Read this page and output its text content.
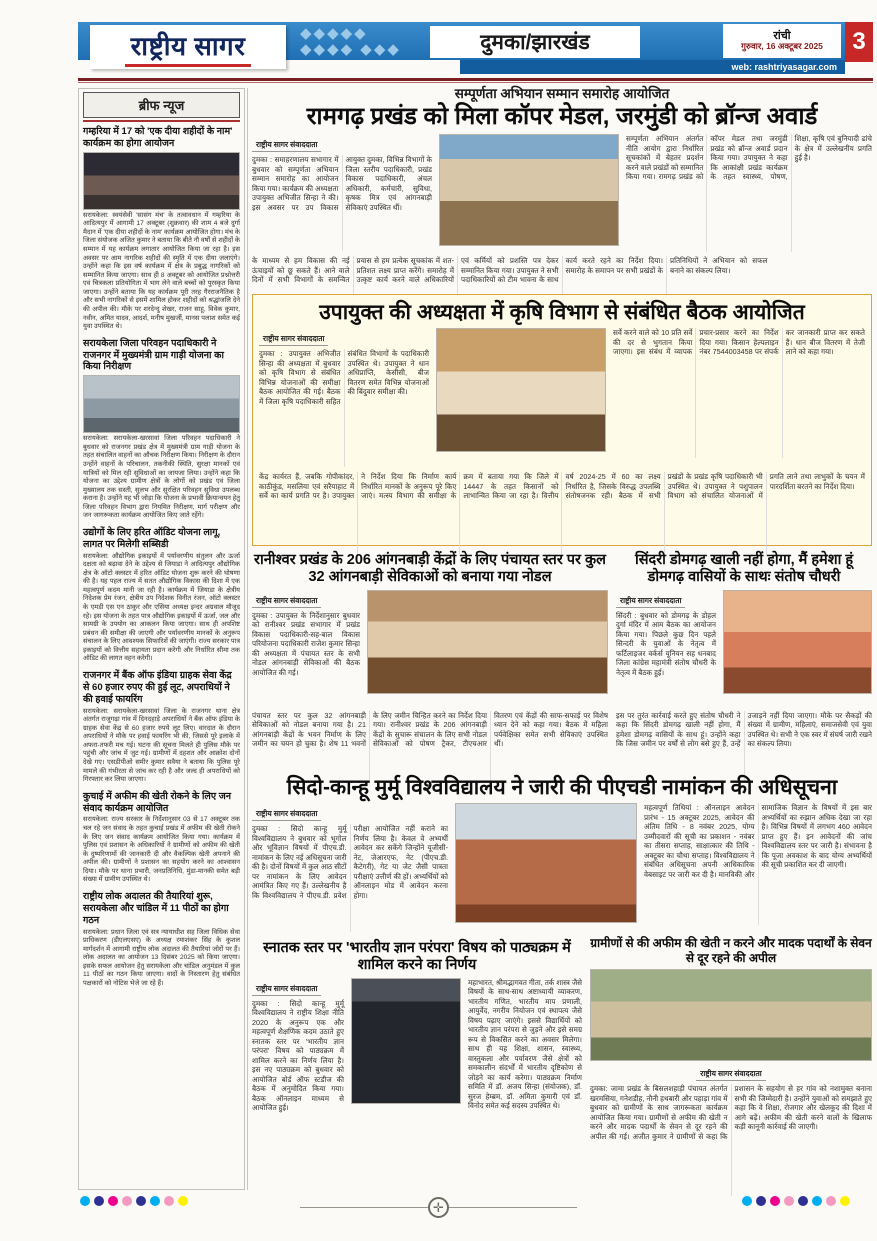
राष्ट्रीय सागर	◆◆◆◆◆ ◆◆◆◆ ◆◆◆	दुमका/झारखंड	रांची
गुरुवार, 16 अक्टूबर 2025 3
web: rashtriyasagar.com
ब्रीफ न्यूज
गम्हरिया में 17 को 'एक दीया शहीदों के नाम' कार्यक्रम का होगा आयोजन
सरायकेला: स्वयंसेवी 'सासंग मंच' के तत्वावधान में गम्हरिया के आदित्यपुर में आगामी 17 अक्टूबर (शुक्रवार) की शाम 4 बजे दुर्गा मैदान में 'एक दीया शहीदों के नाम' कार्यक्रम आयोजित होगा। मंच के जिला संयोजक अजित कुमार ने बताया कि बीते नौ वर्षों से शहीदों के सम्मान में यह कार्यक्रम लगातार आयोजित किया जा रहा है। इस अवसर पर आम नागरिक शहीदों की स्मृति में एक दीया जलाएंगे। उन्होंने कहा कि इस वर्ष कार्यक्रम में क्षेत्र के प्रबुद्ध नागरिकों को सम्मानित किया जाएगा। साथ ही 8 अक्टूबर को आयोजित प्रश्नोत्तरी एवं चित्रकला प्रतियोगिता में भाग लेने वाले बच्चों को पुरस्कृत किया जाएगा। उन्होंने बताया कि यह कार्यक्रम पूरी तरह गैरराजनैतिक है और सभी नागरिकों से इसमें शामिल होकर शहीदों को श्रद्धांजलि देने की अपील की। मौके पर शरदेन्दु शेखर, राजन साहू, विवेक कुमार, नवीन, अमित यादव, आदर्श, मनीष मुखर्जी, मानस पलाश समेत कई युवा उपस्थित थे।
सरायकेला जिला परिवहन पदाधिकारी ने राजनगर में मुख्यमंत्री ग्राम गाड़ी योजना का किया निरीक्षण
सरायकेला: सरायकेला-खरसावां जिला परिवहन पदाधिकारी ने बुधवार को राजनगर प्रखंड क्षेत्र में मुख्यमंत्री ग्राम गाड़ी योजना के तहत संचालित वाहनों का औचक निरीक्षण किया। निरीक्षण के दौरान उन्होंने वाहनों के परिचालन, तकनीकी स्थिति, सुरक्षा मानकों एवं यात्रियों को मिल रही सुविधाओं का जायजा लिया। उन्होंने कहा कि योजना का उद्देश्य ग्रामीण क्षेत्रों के लोगों को प्रखंड एवं जिला मुख्यालय तक सस्ती, सुलभ और सुरक्षित परिवहन सुविधा उपलब्ध कराना है। उन्होंने यह भी जोड़ा कि योजना के प्रभावी क्रियान्वयन हेतु जिला परिवहन विभाग द्वारा नियमित निरीक्षण, मार्ग परीक्षण और जन जागरूकता कार्यक्रम आयोजित किए जाते रहेंगे।
उद्योगों के लिए हरित ऑडिट योजना लागू, लागत पर मिलेगी सब्सिडी
सरायकेला: औद्योगिक इकाइयों में पर्यावरणीय संतुलन और ऊर्जा दक्षता को बढ़ावा देने के उद्देश्य से जियाडा ने आदित्यपुर औद्योगिक क्षेत्र के ऑटो क्लस्टर में हरित ऑडिट योजना शुरू करने की घोषणा की है। यह पहल राज्य में सतत औद्योगिक विकास की दिशा में एक महत्वपूर्ण कदम मानी जा रही है। कार्यक्रम में जियाडा के क्षेत्रीय निदेशक प्रेम रंजन, क्षेत्रीय उप निदेशक विनीत रंजन, ऑटो क्लस्टर के एमडी एस एन ठाकुर और एसिया अध्यक्ष इन्दर अग्रवाल मौजूद रहे। इस योजना के तहत पात्र औद्योगिक इकाइयों में ऊर्जा, जल और सामग्री के उपयोग का आकलन किया जाएगा। साथ ही अपशिष्ट प्रबंधन की समीक्षा की जाएगी और पर्यावरणीय मानकों के अनुरूप संचालन के लिए आवश्यक सिफारिशें की जाएंगी। राज्य सरकार पात्र इकाइयों को वित्तीय सहायता प्रदान करेगी और निर्धारित सीमा तक ऑडिट की लागत वहन करेगी।
राजनगर में बैंक ऑफ इंडिया ग्राहक सेवा केंद्र से 60 हजार रुपए की हुई लूट, अपराधियों ने की हवाई फायरिंग
सरायकेला: सरायकेला-खरसावां जिला के राजनगर थाना क्षेत्र अंतर्गत राजुगढ़ा गांव में दिनदहाड़े अपराधियों ने बैंक ऑफ इंडिया के ग्राहक सेवा केंद्र से 60 हजार रुपये लूट लिए। वारदात के दौरान अपराधियों ने मौके पर हवाई फायरिंग भी की, जिससे पूरे इलाके में अफरा-तफरी मच गई। घटना की सूचना मिलते ही पुलिस मौके पर पहुंची और जांच में जुट गई। ग्रामीणों में दहशत और आक्रोश दोनों देखे गए। एसडीपीओ समीर कुमार सवैया ने बताया कि पुलिस पूरे मामले की गंभीरता से जांच कर रही है और जल्द ही अपराधियों को गिरफ्तार कर लिया जाएगा।
कुचाई में अफीम की खेती रोकने के लिए जन संवाद कार्यक्रम आयोजित
सरायकेला: राज्य सरकार के निर्देशानुसार 03 से 17 अक्टूबर तक चल रहे जन संवाद के तहत कुचाई प्रखंड में अफीम की खेती रोकने के लिए जन संवाद कार्यक्रम आयोजित किया गया। कार्यक्रम में पुलिस एवं प्रशासन के अधिकारियों ने ग्रामीणों को अफीम की खेती के दुष्परिणामों की जानकारी दी और वैकल्पिक खेती अपनाने की अपील की। ग्रामीणों ने प्रशासन का सहयोग करने का आश्वासन दिया। मौके पर थाना प्रभारी, जनप्रतिनिधि, मुंडा-मानकी समेत बड़ी संख्या में ग्रामीण उपस्थित थे।
राष्ट्रीय लोक अदालत की तैयारियां शुरू, सरायकेला और चांडिल में 11 पीठों का होगा गठन
सरायकेला: प्रधान जिला एवं सत्र न्यायाधीश सह जिला विधिक सेवा प्राधिकरण (डीएलएसए) के अध्यक्ष रमाशंकर सिंह के कुशल मार्गदर्शन में आगामी राष्ट्रीय लोक अदालत की तैयारियां जोरों पर हैं। लोक अदालत का आयोजन 13 दिसंबर 2025 को किया जाएगा। इसके सफल आयोजन हेतु सरायकेला और चांडिल अनुमंडल में कुल 11 पीठों का गठन किया जाएगा। वादों के निस्तारण हेतु संबंधित पक्षकारों को नोटिस भेजे जा रहे हैं।
सम्पूर्णता अभियान सम्मान समारोह आयोजित
रामगढ़ प्रखंड को मिला कॉपर मेडल, जरमुंडी को ब्रॉन्ज अवार्ड
राष्ट्रीय सागर संवाददाता
दुमका : समाहरणालय सभागार में बुधवार को सम्पूर्णता अभियान सम्मान समारोह का आयोजन किया गया। कार्यक्रम की अध्यक्षता उपायुक्त अभिजीत सिन्हा ने की। इस अवसर पर उप विकास आयुक्त दुमका, विभिन्न विभागों के जिला स्तरीय पदाधिकारी, प्रखंड विकास पदाधिकारी, अंचल अधिकारी, कर्मचारी, सुविधा, कृषक मित्र एवं आंगनबाड़ी सेविकाएं उपस्थित थीं।
सम्पूर्णता अभियान अंतर्गत नीति आयोग द्वारा निर्धारित सूचकांकों में बेहतर प्रदर्शन करने वाले प्रखंडों को सम्मानित किया गया। रामगढ़ प्रखंड को कॉपर मेडल तथा जरमुंडी प्रखंड को ब्रॉन्ज अवार्ड प्रदान किया गया। उपायुक्त ने कहा कि आकांक्षी प्रखंड कार्यक्रम के तहत स्वास्थ्य, पोषण, शिक्षा, कृषि एवं बुनियादी ढांचे के क्षेत्र में उल्लेखनीय प्रगति हुई है।
के माध्यम से हम विकास की नई ऊंचाइयों को छू सकते हैं। आने वाले दिनों में सभी विभागों के समन्वित प्रयास से हम प्रत्येक सूचकांक में शत-प्रतिशत लक्ष्य प्राप्त करेंगे। समारोह में उत्कृष्ट कार्य करने वाले अधिकारियों एवं कर्मियों को प्रशस्ति पत्र देकर सम्मानित किया गया। उपायुक्त ने सभी पदाधिकारियों को टीम भावना के साथ कार्य करते रहने का निर्देश दिया। समारोह के समापन पर सभी प्रखंडों के प्रतिनिधियों ने अभियान को सफल बनाने का संकल्प लिया।
उपायुक्त की अध्यक्षता में कृषि विभाग से संबंधित बैठक आयोजित
राष्ट्रीय सागर संवाददाता
दुमका : उपायुक्त अभिजीत सिन्हा की अध्यक्षता में बुधवार को कृषि विभाग से संबंधित विभिन्न योजनाओं की समीक्षा बैठक आयोजित की गई। बैठक में जिला कृषि पदाधिकारी सहित संबंधित विभागों के पदाधिकारी उपस्थित थे। उपायुक्त ने धान अधिप्राप्ति, केसीसी, बीज वितरण समेत विभिन्न योजनाओं की बिंदुवार समीक्षा की।
सर्वे करने वाले को 10 प्रति सर्वे की दर से भुगतान किया जाएगा। इस संबंध में व्यापक प्रचार-प्रसार करने का निर्देश दिया गया। किसान हेल्पलाइन नंबर 7544003458 पर संपर्क कर जानकारी प्राप्त कर सकते हैं। धान बीज वितरण में तेजी लाने को कहा गया।
केंद्र कार्यरत हैं, जबकि गोपीकांदर, काठीकुंड, मसलिया एवं सरैयाहाट में सर्वे का कार्य प्रगति पर है। उपायुक्त ने निर्देश दिया कि निर्माण कार्य निर्धारित मानकों के अनुरूप पूरे किए जाएं। मत्स्य विभाग की समीक्षा के क्रम में बताया गया कि जिले में 14447 के तहत किसानों को लाभान्वित किया जा रहा है। वित्तीय वर्ष 2024-25 में 60 का लक्ष्य निर्धारित है, जिसके विरुद्ध उपलब्धि संतोषजनक रही। बैठक में सभी प्रखंडों के प्रखंड कृषि पदाधिकारी भी उपस्थित थे। उपायुक्त ने पशुपालन विभाग को संचालित योजनाओं में प्रगति लाने तथा लाभुकों के चयन में पारदर्शिता बरतने का निर्देश दिया।
रानीश्वर प्रखंड के 206 आंगनबाड़ी केंद्रों के लिए पंचायत स्तर पर कुल 32 आंगनबाड़ी सेविकाओं को बनाया गया नोडल
राष्ट्रीय सागर संवाददाता
दुमका : उपायुक्त के निर्देशानुसार बुधवार को रानीश्वर प्रखंड सभागार में प्रखंड विकास पदाधिकारी-सह-बाल विकास परियोजना पदाधिकारी राजेश कुमार सिन्हा की अध्यक्षता में पंचायत स्तर के सभी नोडल आंगनबाड़ी सेविकाओं की बैठक आयोजित की गई।
पंचायत स्तर पर कुल 32 आंगनबाड़ी सेविकाओं को नोडल बनाया गया है। 21 आंगनबाड़ी केंद्रों के भवन निर्माण के लिए जमीन का चयन हो चुका है। शेष 11 भवनों के लिए जमीन चिन्हित करने का निर्देश दिया गया। रानीश्वर प्रखंड के 206 आंगनबाड़ी केंद्रों के सुचारू संचालन के लिए सभी नोडल सेविकाओं को पोषण ट्रैकर, टीएचआर वितरण एवं केंद्रों की साफ-सफाई पर विशेष ध्यान देने को कहा गया। बैठक में महिला पर्यवेक्षिका समेत सभी सेविकाएं उपस्थित थीं।
सिंदरी डोमगढ़ खाली नहीं होगा, मैं हमेशा हूं डोमगढ़ वासियों के साथः संतोष चौधरी
राष्ट्रीय सागर संवाददाता
सिंदरी : बुधवार को डोमगढ़ के डोहल दुर्गा मंदिर में आम बैठक का आयोजन किया गया। पिछले कुछ दिन पहले सिन्दरी के युवाओं के नेतृत्व में फर्टिलाइजर वर्कर्स यूनियन सह धनबाद जिला कांग्रेस महामंत्री संतोष चौधरी के नेतृत्व में बैठक हुई।
इस पर तुरंत कार्रवाई करते हुए संतोष चौधरी ने कहा कि सिंदरी डोमगढ़ खाली नहीं होगा, मैं हमेशा डोमगढ़ वासियों के साथ हूं। उन्होंने कहा कि जिस जमीन पर वर्षों से लोग बसे हुए हैं, उन्हें उजाड़ने नहीं दिया जाएगा। मौके पर सैकड़ों की संख्या में ग्रामीण, महिलाएं, समाजसेवी एवं युवा उपस्थित थे। सभी ने एक स्वर में संघर्ष जारी रखने का संकल्प लिया।
सिदो-कान्हू मुर्मू विश्वविद्यालय ने जारी की पीएचडी नामांकन की अधिसूचना
राष्ट्रीय सागर संवाददाता
दुमका : सिदो कान्हू मुर्मू विश्वविद्यालय ने बुधवार को भूगोल और भूविज्ञान विषयों में पीएच.डी. नामांकन के लिए नई अधिसूचना जारी की है। दोनों विषयों में कुल आठ सीटों पर नामांकन के लिए आवेदन आमंत्रित किए गए हैं। उल्लेखनीय है कि विश्वविद्यालय ने पीएच.डी. प्रवेश परीक्षा आयोजित नहीं कराने का निर्णय लिया है। केवल वे अभ्यर्थी आवेदन कर सकेंगे जिन्होंने यूजीसी-नेट, जेआरएफ, नेट (पीएच.डी. कैटेगरी), गेट या जेट जैसी पात्रता परीक्षाएं उत्तीर्ण की हों। अभ्यर्थियों को ऑनलाइन मोड में आवेदन करना होगा।
महत्वपूर्ण तिथियां : ऑनलाइन आवेदन प्रारंभ - 15 अक्टूबर 2025, आवेदन की अंतिम तिथि - 8 नवंबर 2025, योग्य उम्मीदवारों की सूची का प्रकाशन - नवंबर का तीसरा सप्ताह, साक्षात्कार की तिथि - अक्टूबर का चौथा सप्ताह। विश्वविद्यालय ने संबंधित अधिसूचना अपनी आधिकारिक वेबसाइट पर जारी कर दी है। मानविकी और सामाजिक विज्ञान के विषयों में इस बार अभ्यर्थियों का रुझान अधिक देखा जा रहा है। विभिन्न विषयों में लगभग 460 आवेदन प्राप्त हुए हैं। इन आवेदनों की जांच विश्वविद्यालय स्तर पर जारी है। संभावना है कि पूजा अवकाश के बाद योग्य अभ्यर्थियों की सूची प्रकाशित कर दी जाएगी।
स्नातक स्तर पर 'भारतीय ज्ञान परंपरा' विषय को पाठ्यक्रम में शामिल करने का निर्णय
राष्ट्रीय सागर संवाददाता
दुमका : सिदो कान्हू मुर्मू विश्वविद्यालय ने राष्ट्रीय शिक्षा नीति 2020 के अनुरूप एक और महत्वपूर्ण शैक्षणिक कदम उठाते हुए स्नातक स्तर पर 'भारतीय ज्ञान परंपरा' विषय को पाठ्यक्रम में शामिल करने का निर्णय लिया है। इस नए पाठ्यक्रम को बुधवार को आयोजित बोर्ड ऑफ स्टडीज की बैठक में अनुमोदित किया गया। बैठक ऑनलाइन माध्यम से आयोजित हुई।
महाभारत, श्रीमद्भागवत गीता, तर्क शास्त्र जैसे विषयों के साथ-साथ अष्टाध्यायी व्याकरण, भारतीय गणित, भारतीय माप प्रणाली, आयुर्वेद, नगरीय नियोजन एवं स्थापत्य जैसे विषय पढ़ाए जाएंगे। इससे विद्यार्थियों को भारतीय ज्ञान परंपरा से जुड़ने और इसे समग्र रूप से विकसित करने का अवसर मिलेगा। साथ ही यह शिक्षा, शासन, स्वास्थ्य, वास्तुकला और पर्यावरण जैसे क्षेत्रों को समकालीन संदर्भों में भारतीय दृष्टिकोण से जोड़ने का कार्य करेगा। पाठ्यक्रम निर्माण समिति में डॉ. अजय सिन्हा (संयोजक), डॉ. सुरज हेम्ब्रम, डॉ. अमिता कुमारी एवं डॉ. विनोद समेत कई सदस्य उपस्थित थे।
ग्रामीणों से की अफीम की खेती न करने और मादक पदार्थों के सेवन से दूर रहने की अपील
राष्ट्रीय सागर संवाददाता
दुमका: जामा प्रखंड के बिसलशहाड़ी पंचायत अंतर्गत खरमसिया, गनेशडीह, नौनी हथबारी और पहाड़ा गांव में बुधवार को ग्रामीणों के साथ जागरूकता कार्यक्रम आयोजित किया गया। ग्रामीणों से अफीम की खेती न करने और मादक पदार्थों के सेवन से दूर रहने की अपील की गई। अजीत कुमार ने ग्रामीणों से कहा कि प्रशासन के सहयोग से हर गांव को नशामुक्त बनाना सभी की जिम्मेदारी है। उन्होंने युवाओं को समझाते हुए कहा कि वे शिक्षा, रोजगार और खेलकूद की दिशा में आगे बढ़ें। अफीम की खेती करने वालों के खिलाफ कड़ी कानूनी कार्रवाई की जाएगी।
✛
